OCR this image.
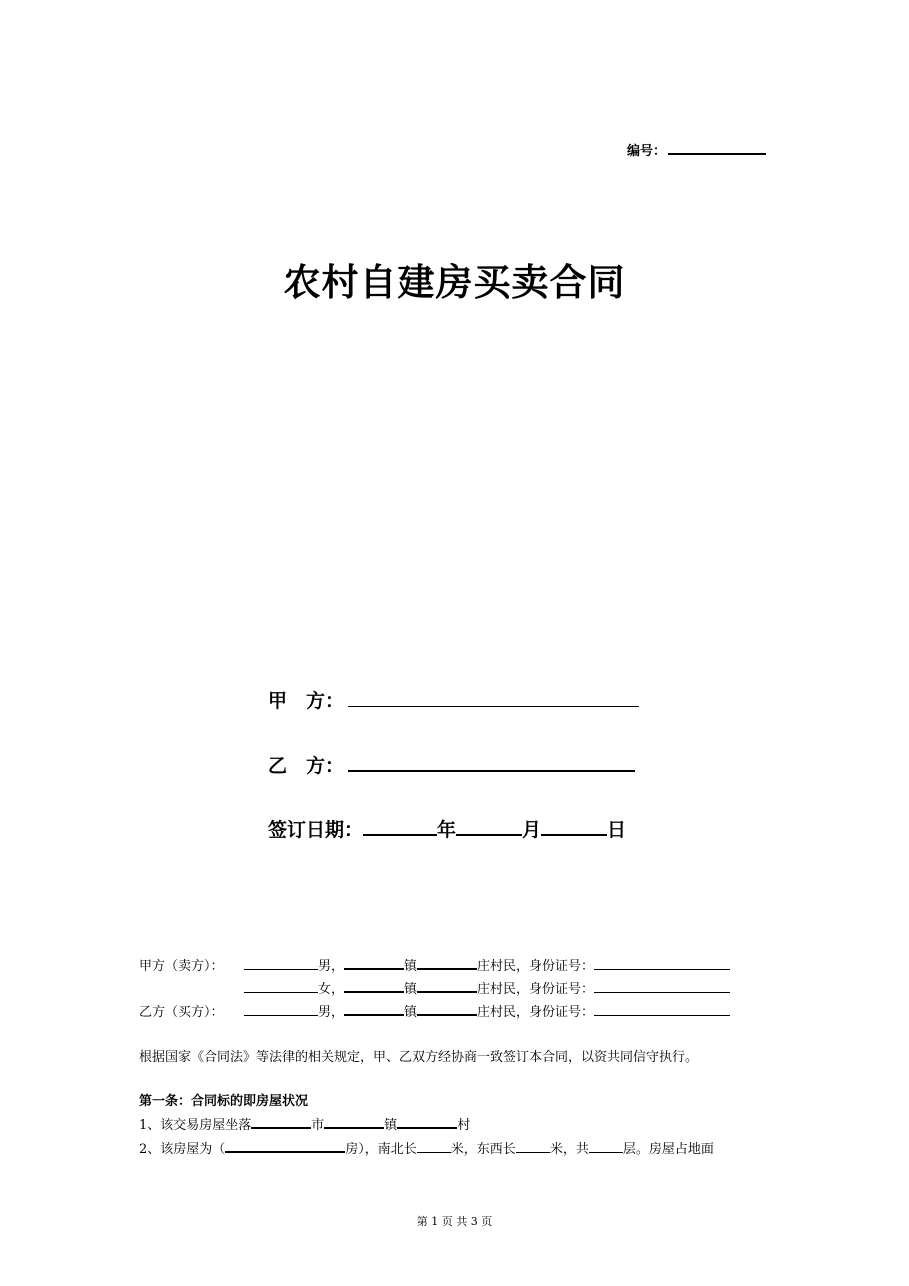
编号：
农村自建房买卖合同
甲　方：
乙　方：
签订日期：	年	月	日
甲方（卖方）：	男，	镇	庄村民，身份证号：
女，	镇	庄村民，身份证号：
乙方（买方）：	男，	镇	庄村民，身份证号：
根据国家《合同法》等法律的相关规定，甲、乙双方经协商一致签订本合同，以资共同信守执行。
第一条：合同标的即房屋状况
1、该交易房屋坐落	市	镇	村
2、该房屋为（	房），南北长	米，东西长	米，共	层。房屋占地面
第 1 页 共 3 页
